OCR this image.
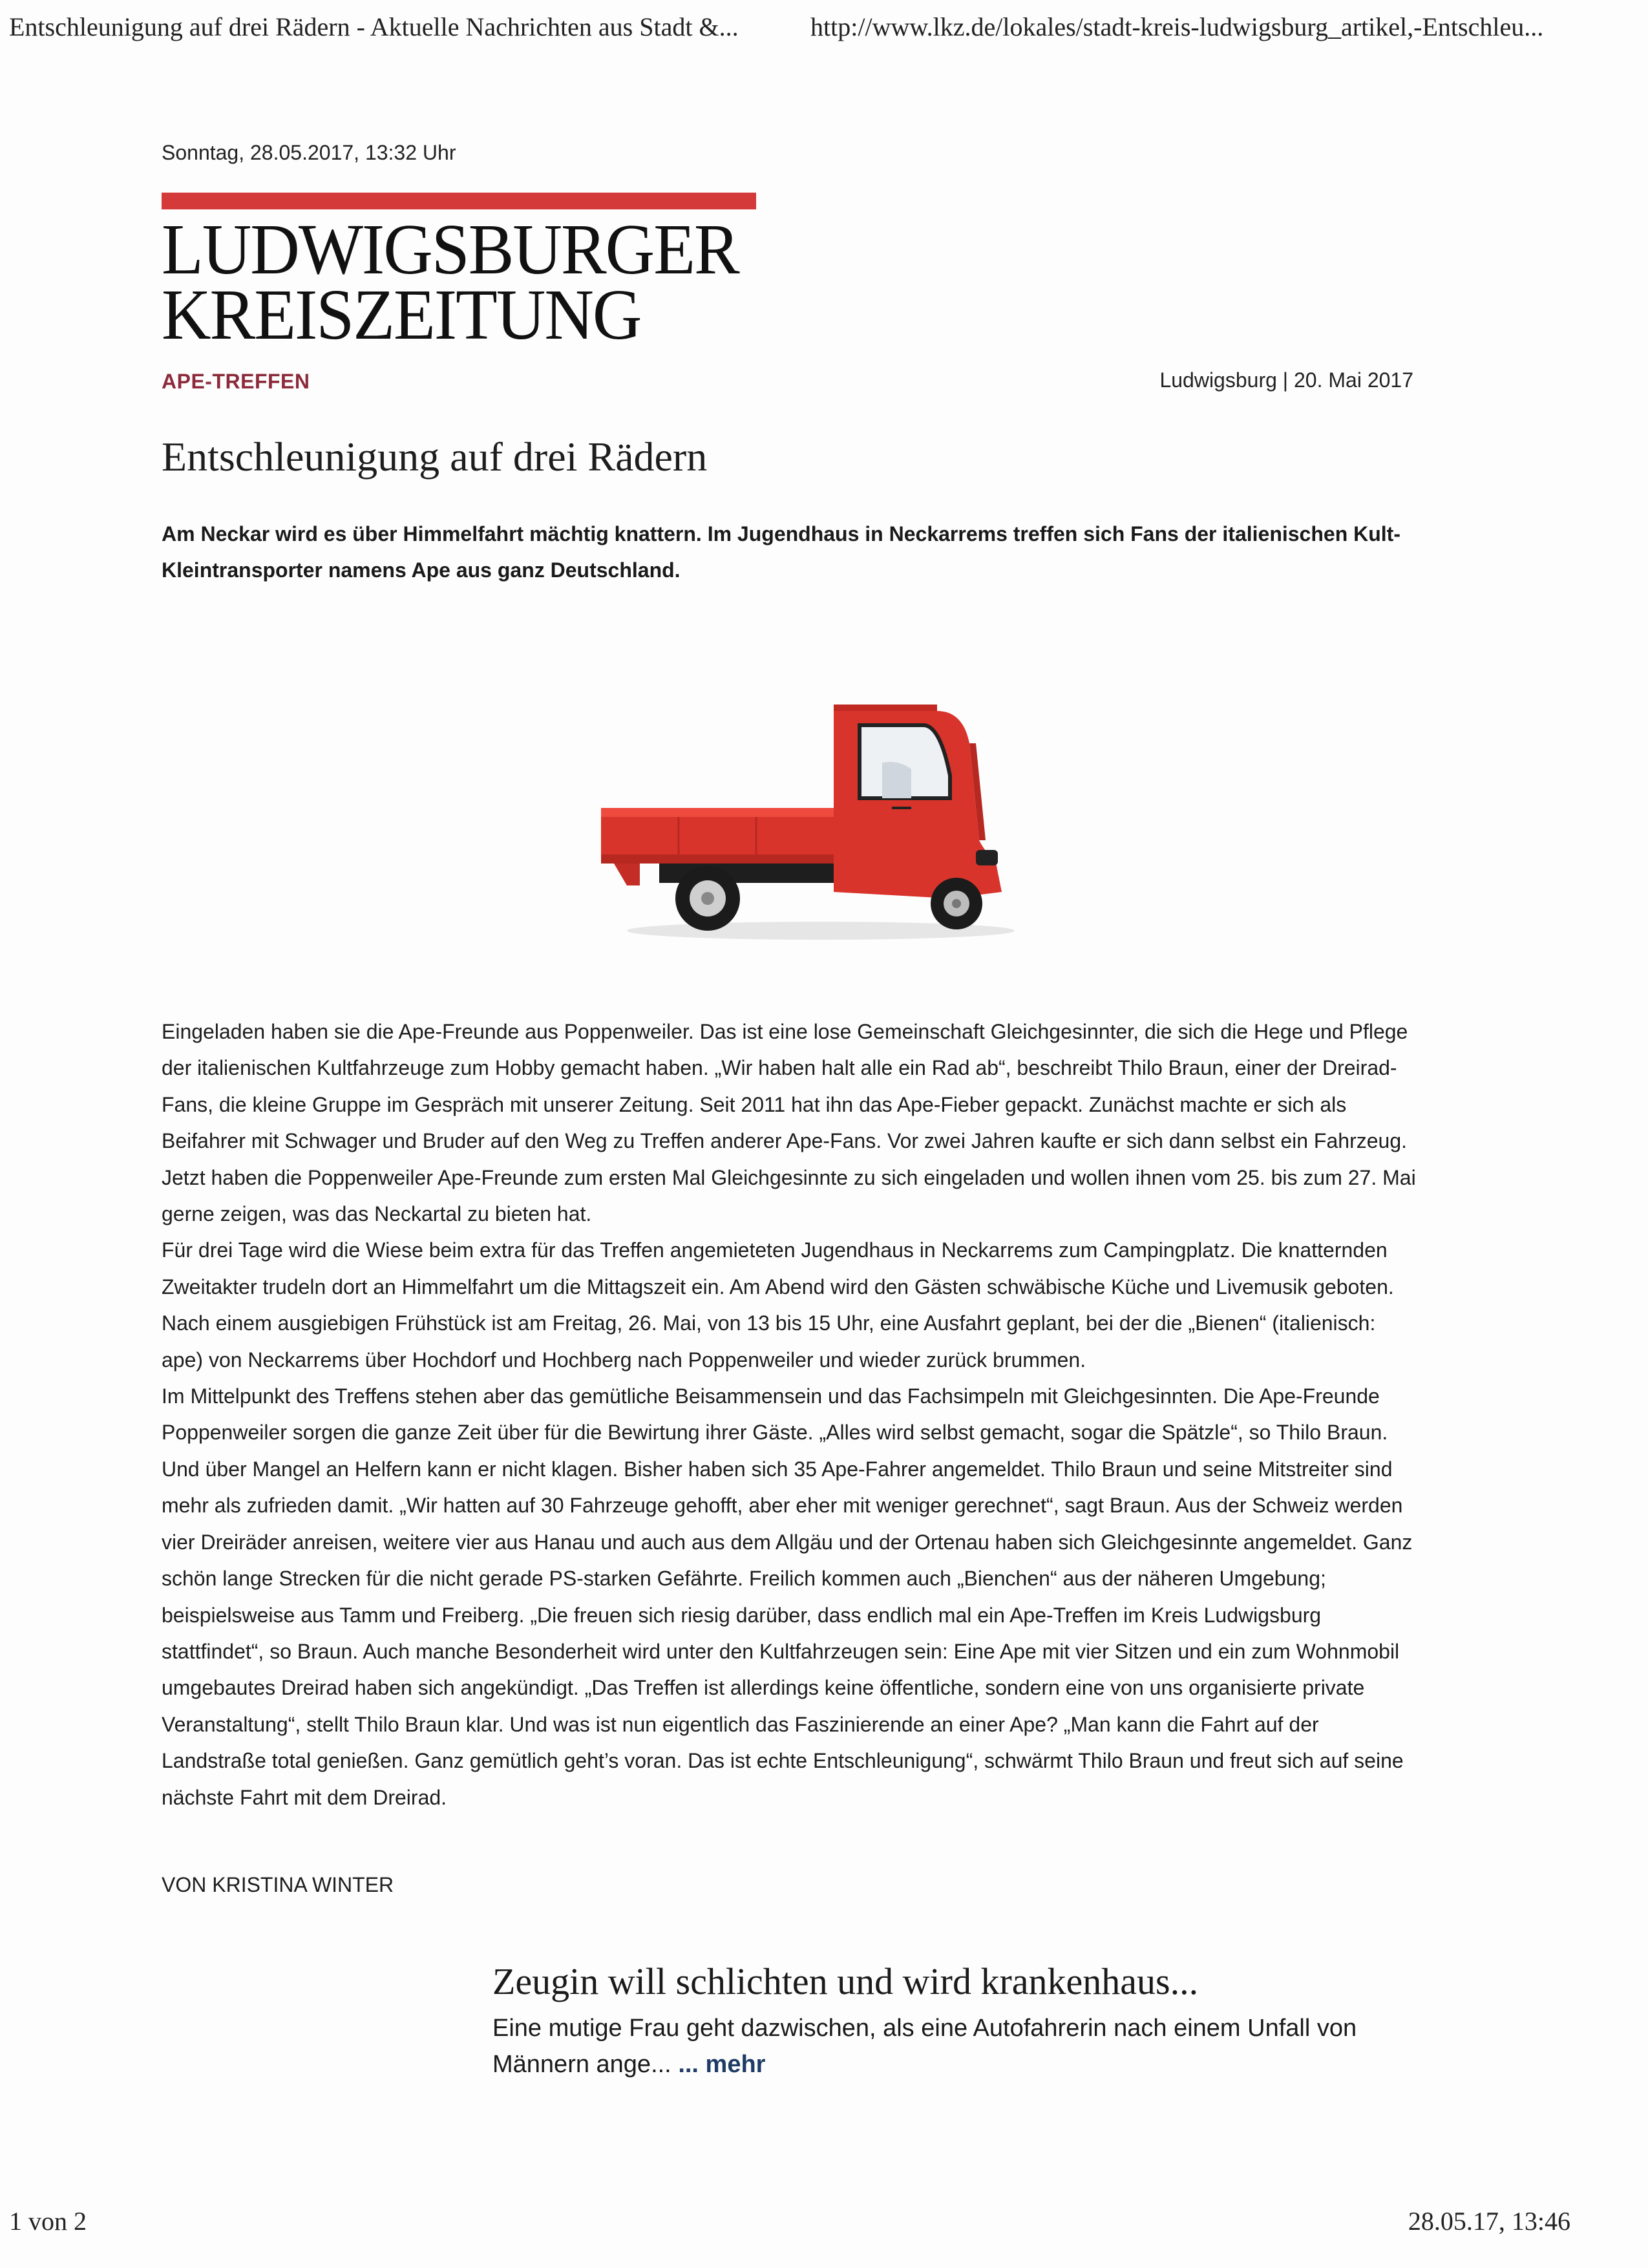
Entschleunigung auf drei Rädern - Aktuelle Nachrichten aus Stadt &...	http://www.lkz.de/lokales/stadt-kreis-ludwigsburg_artikel,-Entschleu...
Sonntag, 28.05.2017, 13:32 Uhr
LUDWIGSBURGER
KREISZEITUNG
APE-TREFFEN	Ludwigsburg | 20. Mai 2017
Entschleunigung auf drei Rädern
Am Neckar wird es über Himmelfahrt mächtig knattern. Im Jugendhaus in Neckarrems treffen sich Fans der italienischen Kult-Kleintransporter namens Ape aus ganz Deutschland.

Eingeladen haben sie die Ape-Freunde aus Poppenweiler. Das ist eine lose Gemeinschaft Gleichgesinnter, die sich die Hege und Pflege der italienischen Kultfahrzeuge zum Hobby gemacht haben. „Wir haben halt alle ein Rad ab“, beschreibt Thilo Braun, einer der Dreirad-Fans, die kleine Gruppe im Gespräch mit unserer Zeitung. Seit 2011 hat ihn das Ape-Fieber gepackt. Zunächst machte er sich als Beifahrer mit Schwager und Bruder auf den Weg zu Treffen anderer Ape-Fans. Vor zwei Jahren kaufte er sich dann selbst ein Fahrzeug. Jetzt haben die Poppenweiler Ape-Freunde zum ersten Mal Gleichgesinnte zu sich eingeladen und wollen ihnen vom 25. bis zum 27. Mai gerne zeigen, was das Neckartal zu bieten hat.

Für drei Tage wird die Wiese beim extra für das Treffen angemieteten Jugendhaus in Neckarrems zum Campingplatz. Die knatternden Zweitakter trudeln dort an Himmelfahrt um die Mittagszeit ein. Am Abend wird den Gästen schwäbische Küche und Livemusik geboten. Nach einem ausgiebigen Frühstück ist am Freitag, 26. Mai, von 13 bis 15 Uhr, eine Ausfahrt geplant, bei der die „Bienen“ (italienisch: ape) von Neckarrems über Hochdorf und Hochberg nach Poppenweiler und wieder zurück brummen.

Im Mittelpunkt des Treffens stehen aber das gemütliche Beisammensein und das Fachsimpeln mit Gleichgesinnten. Die Ape-Freunde Poppenweiler sorgen die ganze Zeit über für die Bewirtung ihrer Gäste. „Alles wird selbst gemacht, sogar die Spätzle“, so Thilo Braun. Und über Mangel an Helfern kann er nicht klagen. Bisher haben sich 35 Ape-Fahrer angemeldet. Thilo Braun und seine Mitstreiter sind mehr als zufrieden damit. „Wir hatten auf 30 Fahrzeuge gehofft, aber eher mit weniger gerechnet“, sagt Braun. Aus der Schweiz werden vier Dreiräder anreisen, weitere vier aus Hanau und auch aus dem Allgäu und der Ortenau haben sich Gleichgesinnte angemeldet. Ganz schön lange Strecken für die nicht gerade PS-starken Gefährte. Freilich kommen auch „Bienchen“ aus der näheren Umgebung; beispielsweise aus Tamm und Freiberg. „Die freuen sich riesig darüber, dass endlich mal ein Ape-Treffen im Kreis Ludwigsburg stattfindet“, so Braun. Auch manche Besonderheit wird unter den Kultfahrzeugen sein: Eine Ape mit vier Sitzen und ein zum Wohnmobil umgebautes Dreirad haben sich angekündigt. „Das Treffen ist allerdings keine öffentliche, sondern eine von uns organisierte private Veranstaltung“, stellt Thilo Braun klar. Und was ist nun eigentlich das Faszinierende an einer Ape? „Man kann die Fahrt auf der Landstraße total genießen. Ganz gemütlich geht’s voran. Das ist echte Entschleunigung“, schwärmt Thilo Braun und freut sich auf seine nächste Fahrt mit dem Dreirad.

VON KRISTINA WINTER
Zeugin will schlichten und wird krankenhaus...
Eine mutige Frau geht dazwischen, als eine Autofahrerin nach einem Unfall von Männern ange... ... mehr
1 von 2	28.05.17, 13:46
